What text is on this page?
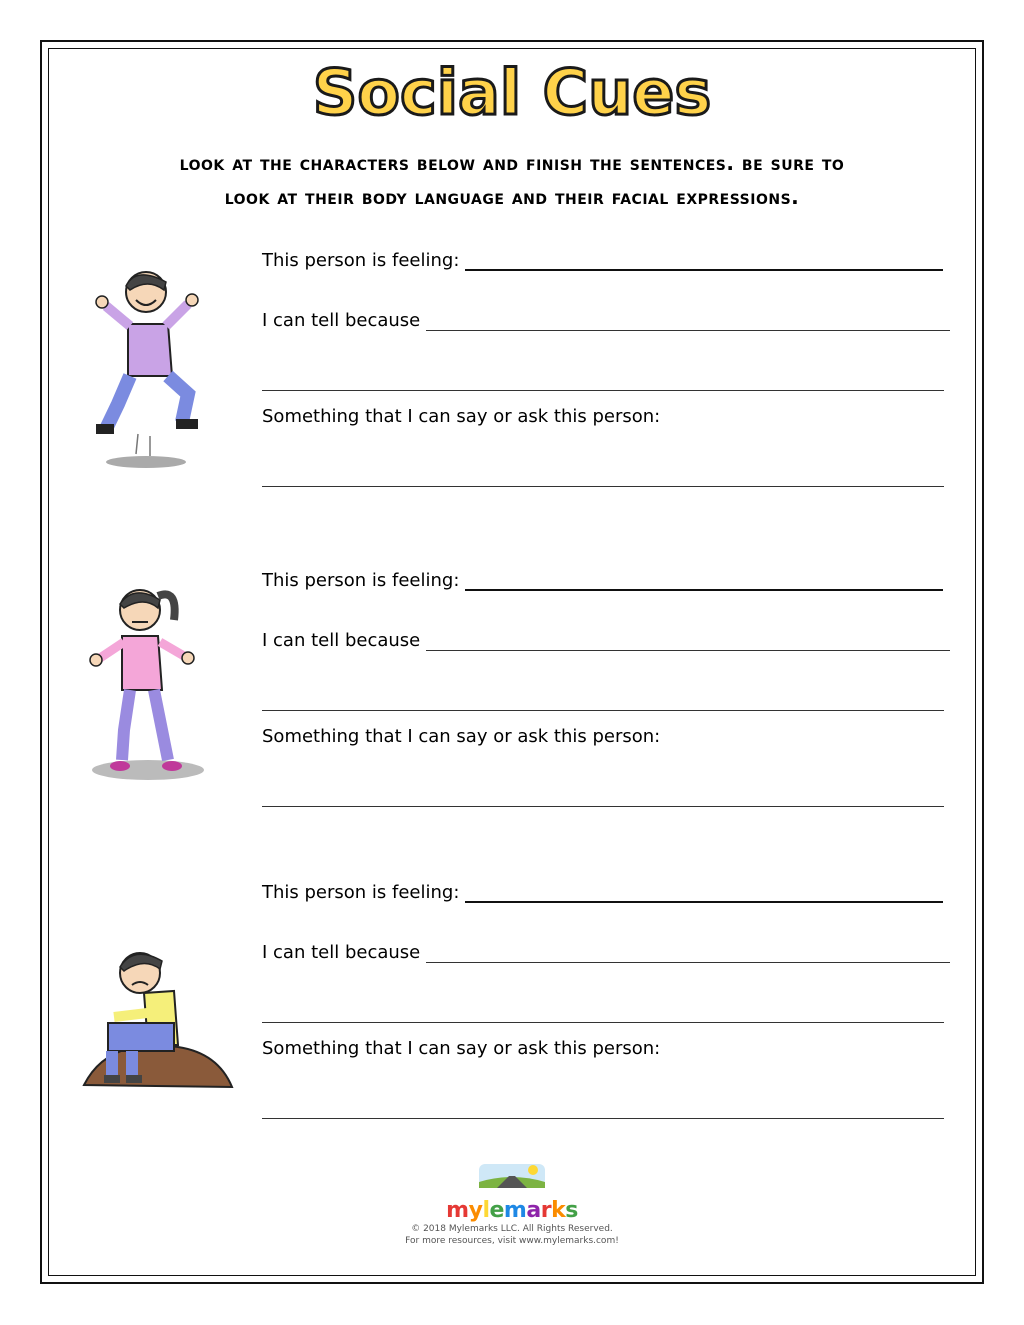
Social Cues
look at the characters below and finish the sentences. be sure to
look at their body language and their facial expressions.
This person is feeling:
I can tell because
Something that I can say or ask this person:
This person is feeling:
I can tell because
Something that I can say or ask this person:
This person is feeling:
I can tell because
Something that I can say or ask this person:
mylemarks
© 2018 Mylemarks LLC. All Rights Reserved.
For more resources, visit www.mylemarks.com!
